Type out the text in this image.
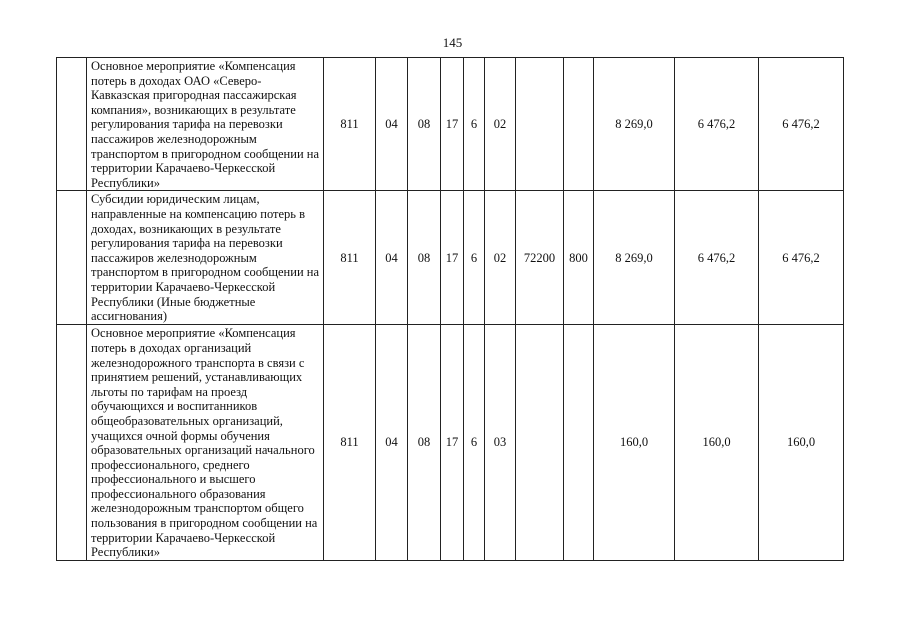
145
	Основное мероприятие «Компенсация потерь в доходах ОАО «Северо-Кавказская пригородная пассажирская компания», возникающих в результате регулирования тарифа на перевозки пассажиров железнодорожным транспортом в пригородном сообщении на территории Карачаево-Черкесской Республики»	811	04	08	17	6	02			8 269,0	6 476,2	6 476,2
	Субсидии юридическим лицам, направленные на компенсацию потерь в доходах, возникающих в результате регулирования тарифа на перевозки пассажиров железнодорожным транспортом в пригородном сообщении на территории Карачаево-Черкесской Республики (Иные бюджетные ассигнования)	811	04	08	17	6	02	72200	800	8 269,0	6 476,2	6 476,2
	Основное мероприятие «Компенсация потерь в доходах организаций железнодорожного транспорта в связи с принятием решений, устанавливающих льготы по тарифам на проезд обучающихся и воспитанников общеобразовательных организаций, учащихся очной формы обучения образовательных организаций начального профессионального, среднего профессионального и высшего профессионального образования железнодорожным транспортом общего пользования в пригородном сообщении на территории Карачаево-Черкесской Республики»	811	04	08	17	6	03			160,0	160,0	160,0
